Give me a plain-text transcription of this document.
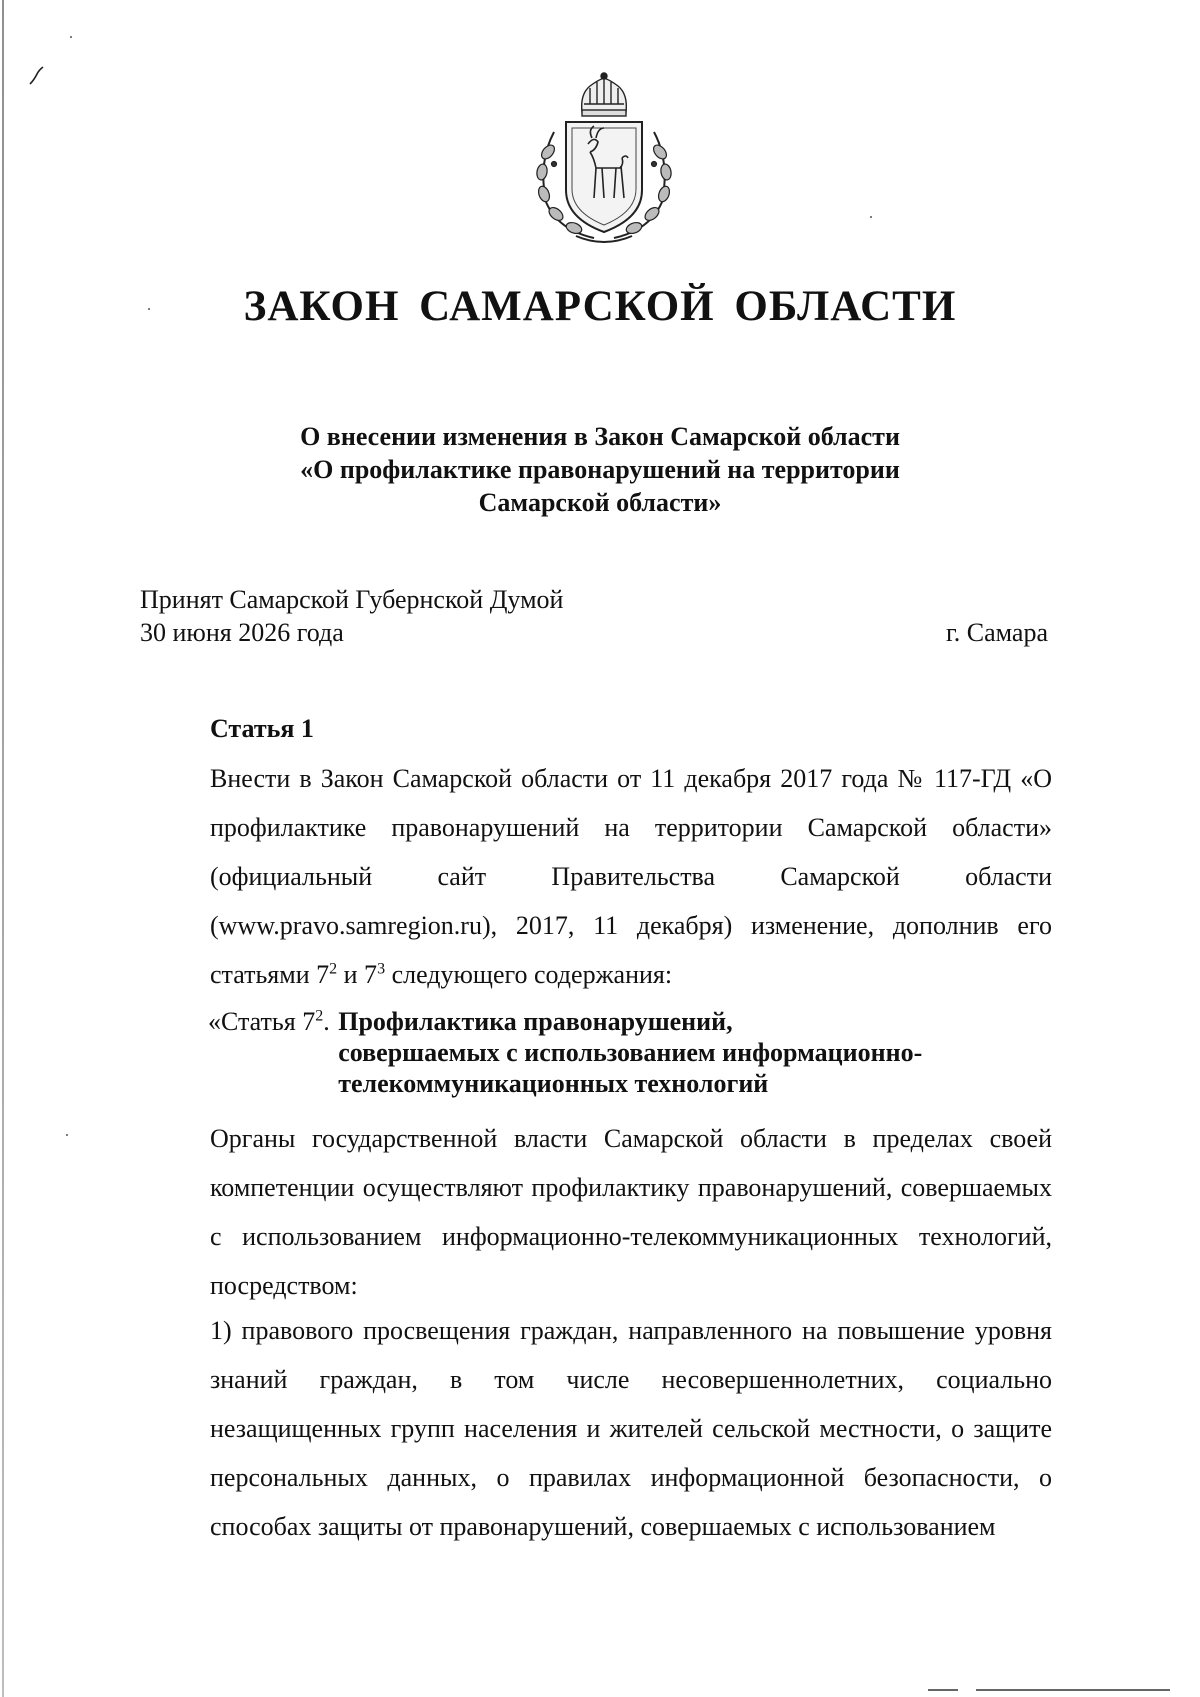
ЗАКОН САМАРСКОЙ ОБЛАСТИ
О внесении изменения в Закон Самарской области
«О профилактике правонарушений на территории
Самарской области»
Принят Самарской Губернской Думой
30 июня 2026 года	г. Самара
Статья 1
Внести в Закон Самарской области от 11 декабря 2017 года № 117-ГД «О профилактике правонарушений на территории Самарской области» (официальный сайт Правительства Самарской области (www.pravo.samregion.ru), 2017, 11 декабря) изменение, дополнив его статьями $7^2$ и $7^3$ следующего содержания:
«Статья $7^2$. Профилактика правонарушений,
совершаемых с использованием информационно-
телекоммуникационных технологий
Органы государственной власти Самарской области в пределах своей компетенции осуществляют профилактику правонарушений, совершаемых с использованием информационно-телекоммуникационных технологий, посредством:
1) правового просвещения граждан, направленного на повышение уровня знаний граждан, в том числе несовершеннолетних, социально незащищенных групп населения и жителей сельской местности, о защите персональных данных, о правилах информационной безопасности, о способах защиты от правонарушений, совершаемых с использованием
